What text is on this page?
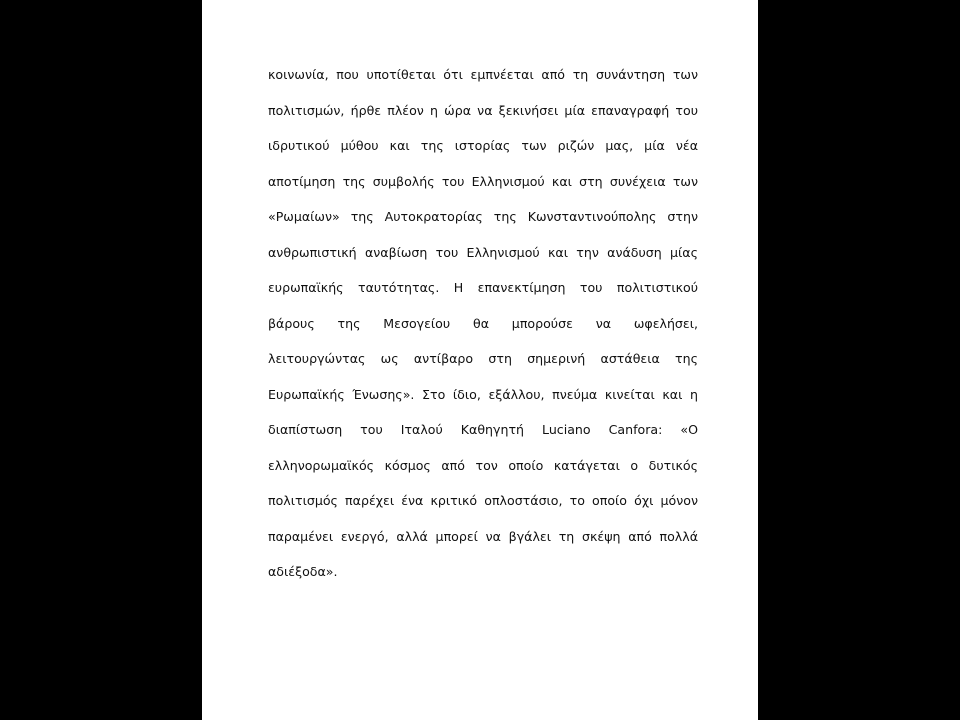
κοινωνία, που υποτίθεται ότι εμπνέεται από τη συνάντηση των
πολιτισμών, ήρθε πλέον η ώρα να ξεκινήσει μία επαναγραφή του
ιδρυτικού μύθου και της ιστορίας των ριζών μας, μία νέα
αποτίμηση της συμβολής του Ελληνισμού και στη συνέχεια των
«Ρωμαίων» της Αυτοκρατορίας της Κωνσταντινούπολης στην
ανθρωπιστική αναβίωση του Ελληνισμού και την ανάδυση μίας
ευρωπαϊκής ταυτότητας. Η επανεκτίμηση του πολιτιστικού
βάρους της Μεσογείου θα μπορούσε να ωφελήσει,
λειτουργώντας ως αντίβαρο στη σημερινή αστάθεια της
Ευρωπαϊκής Ένωσης». Στο ίδιο, εξάλλου, πνεύμα κινείται και η
διαπίστωση του Ιταλού Καθηγητή Luciano Canfora: «Ο
ελληνορωμαϊκός κόσμος από τον οποίο κατάγεται ο δυτικός
πολιτισμός παρέχει ένα κριτικό οπλοστάσιο, το οποίο όχι μόνον
παραμένει ενεργό, αλλά μπορεί να βγάλει τη σκέψη από πολλά
αδιέξοδα».
